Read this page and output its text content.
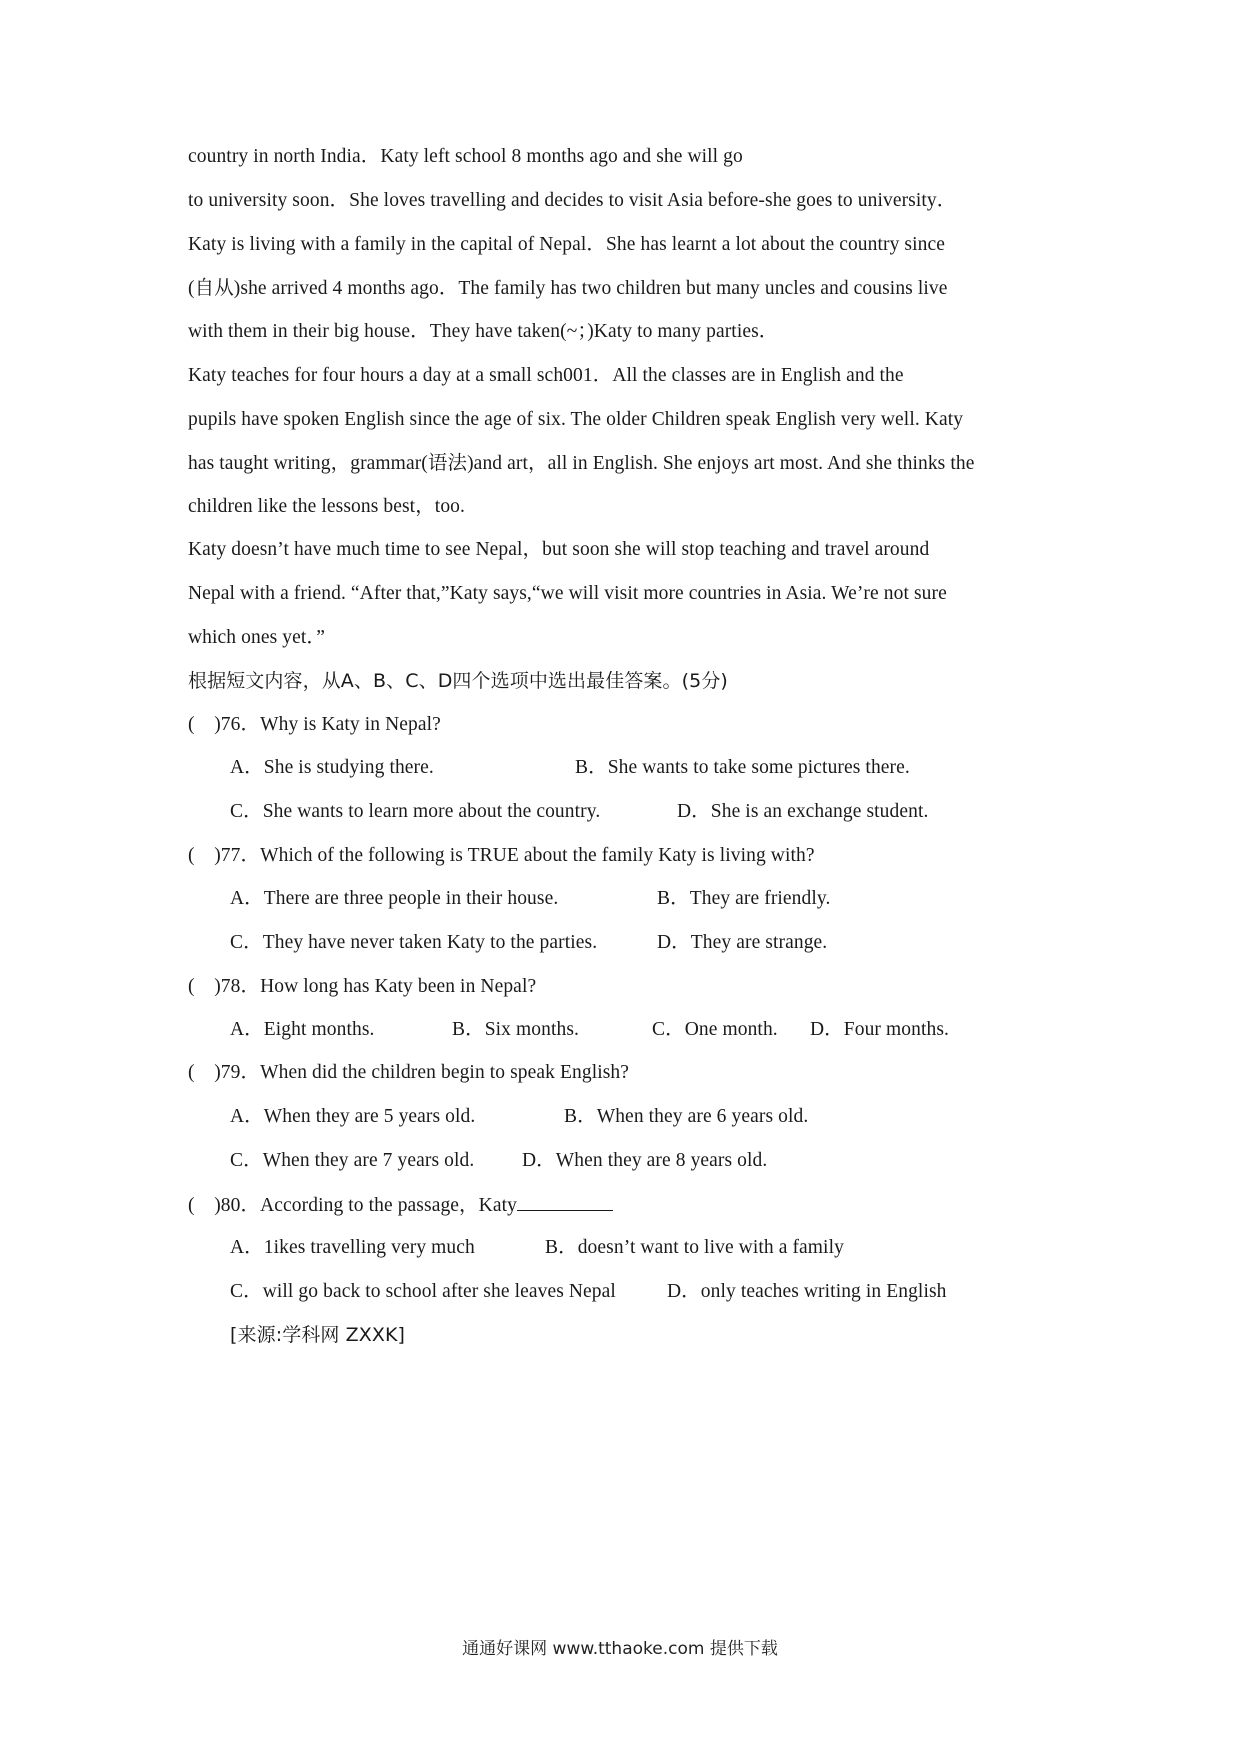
country in north India．Katy left school 8 months ago and she will go
to university soon．She loves travelling and decides to visit Asia before-she goes to university．
Katy is living with a family in the capital of Nepal．She has learnt a lot about the country since
(自从)she arrived 4 months ago．The family has two children but many uncles and cousins live
with them in their big house．They have taken(~；)Katy to many parties．
Katy teaches for four hours a day at a small sch001．All the classes are in English and the
pupils have spoken English since the age of six. The older Children speak English very well. Katy
has taught writing，grammar(语法)and art，all in English. She enjoys art most. And she thinks the
children like the lessons best，too.
Katy doesn’t have much time to see Nepal，but soon she will stop teaching and travel around
Nepal with a friend. “After that,”Katy says,“we will visit more countries in Asia. We’re not sure
which ones yet．”
根据短文内容，从A、B、C、D四个选项中选出最佳答案。(5分)
(　)76．Why is Katy in Nepal?
A．She is studying there.	B．She wants to take some pictures there.
C．She wants to learn more about the country.	D．She is an exchange student.
(　)77．Which of the following is TRUE about the family Katy is living with?
A．There are three people in their house.	B．They are friendly.
C．They have never taken Katy to the parties.	D．They are strange.
(　)78．How long has Katy been in Nepal?
A．Eight months.	B．Six months.	C．One month. D．Four months.
(　)79．When did the children begin to speak English?
A．When they are 5 years old.	B．When they are 6 years old.
C．When they are 7 years old. D．When they are 8 years old.
(　)80．According to the passage，Katy
A．1ikes travelling very much	B．doesn’t want to live with a family
C．will go back to school after she leaves Nepal	D．only teaches writing in English
[来源:学科网 ZXXK]
通通好课网 www.tthaoke.com 提供下载
